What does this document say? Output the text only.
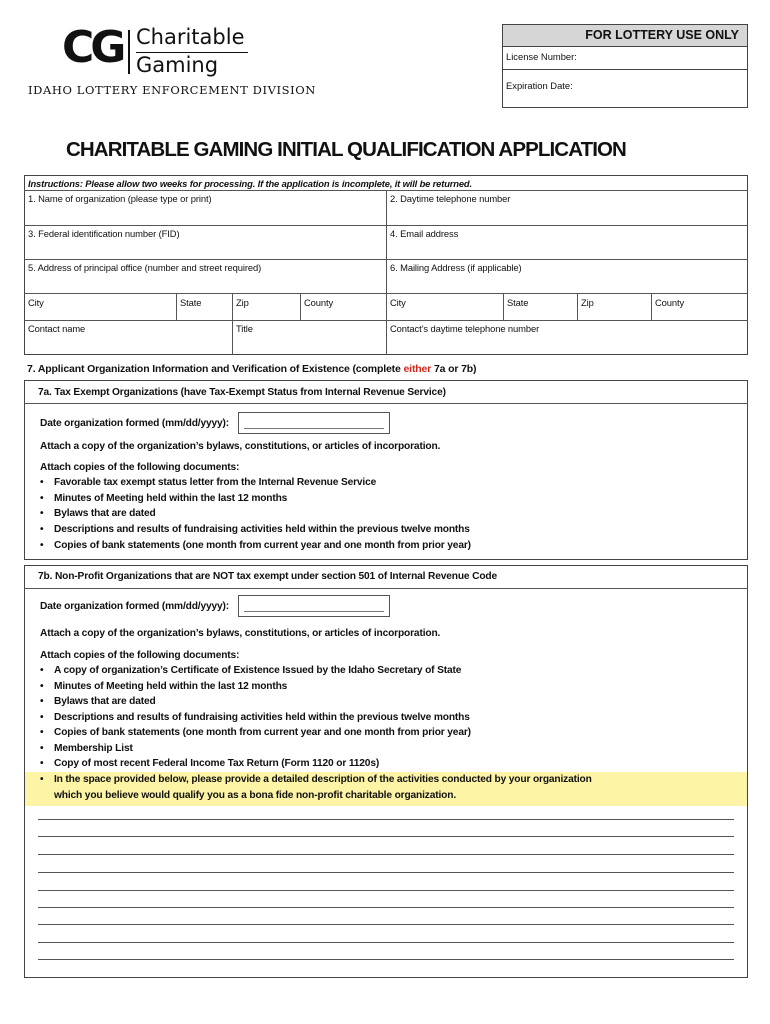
CG Charitable
Gaming
IDAHO LOTTERY ENFORCEMENT DIVISION
FOR LOTTERY USE ONLY
License Number:
Expiration Date:
CHARITABLE GAMING INITIAL QUALIFICATION APPLICATION
Instructions: Please allow two weeks for processing. If the application is incomplete, it will be returned.
1. Name of organization (please type or print)	2. Daytime telephone number
3. Federal identification number (FID)	4. Email address
5. Address of principal office (number and street required)	6. Mailing Address (if applicable)
City	State	Zip	County	City	State	Zip	County
Contact name	Title	Contact’s daytime telephone number
7. Applicant Organization Information and Verification of Existence (complete either 7a or 7b)
7a. Tax Exempt Organizations (have Tax-Exempt Status from Internal Revenue Service)
Date organization formed (mm/dd/yyyy):
Attach a copy of the organization’s bylaws, constitutions, or articles of incorporation.
Attach copies of the following documents:
• Favorable tax exempt status letter from the Internal Revenue Service
• Minutes of Meeting held within the last 12 months
• Bylaws that are dated
• Descriptions and results of fundraising activities held within the previous twelve months
• Copies of bank statements (one month from current year and one month from prior year)
7b. Non-Profit Organizations that are NOT tax exempt under section 501 of Internal Revenue Code
Date organization formed (mm/dd/yyyy):
Attach a copy of the organization’s bylaws, constitutions, or articles of incorporation.
Attach copies of the following documents:
• A copy of organization’s Certificate of Existence Issued by the Idaho Secretary of State
• Minutes of Meeting held within the last 12 months
• Bylaws that are dated
• Descriptions and results of fundraising activities held within the previous twelve months
• Copies of bank statements (one month from current year and one month from prior year)
• Membership List
• Copy of most recent Federal Income Tax Return (Form 1120 or 1120s)
• In the space provided below, please provide a detailed description of the activities conducted by your organization
which you believe would qualify you as a bona fide non-profit charitable organization.
